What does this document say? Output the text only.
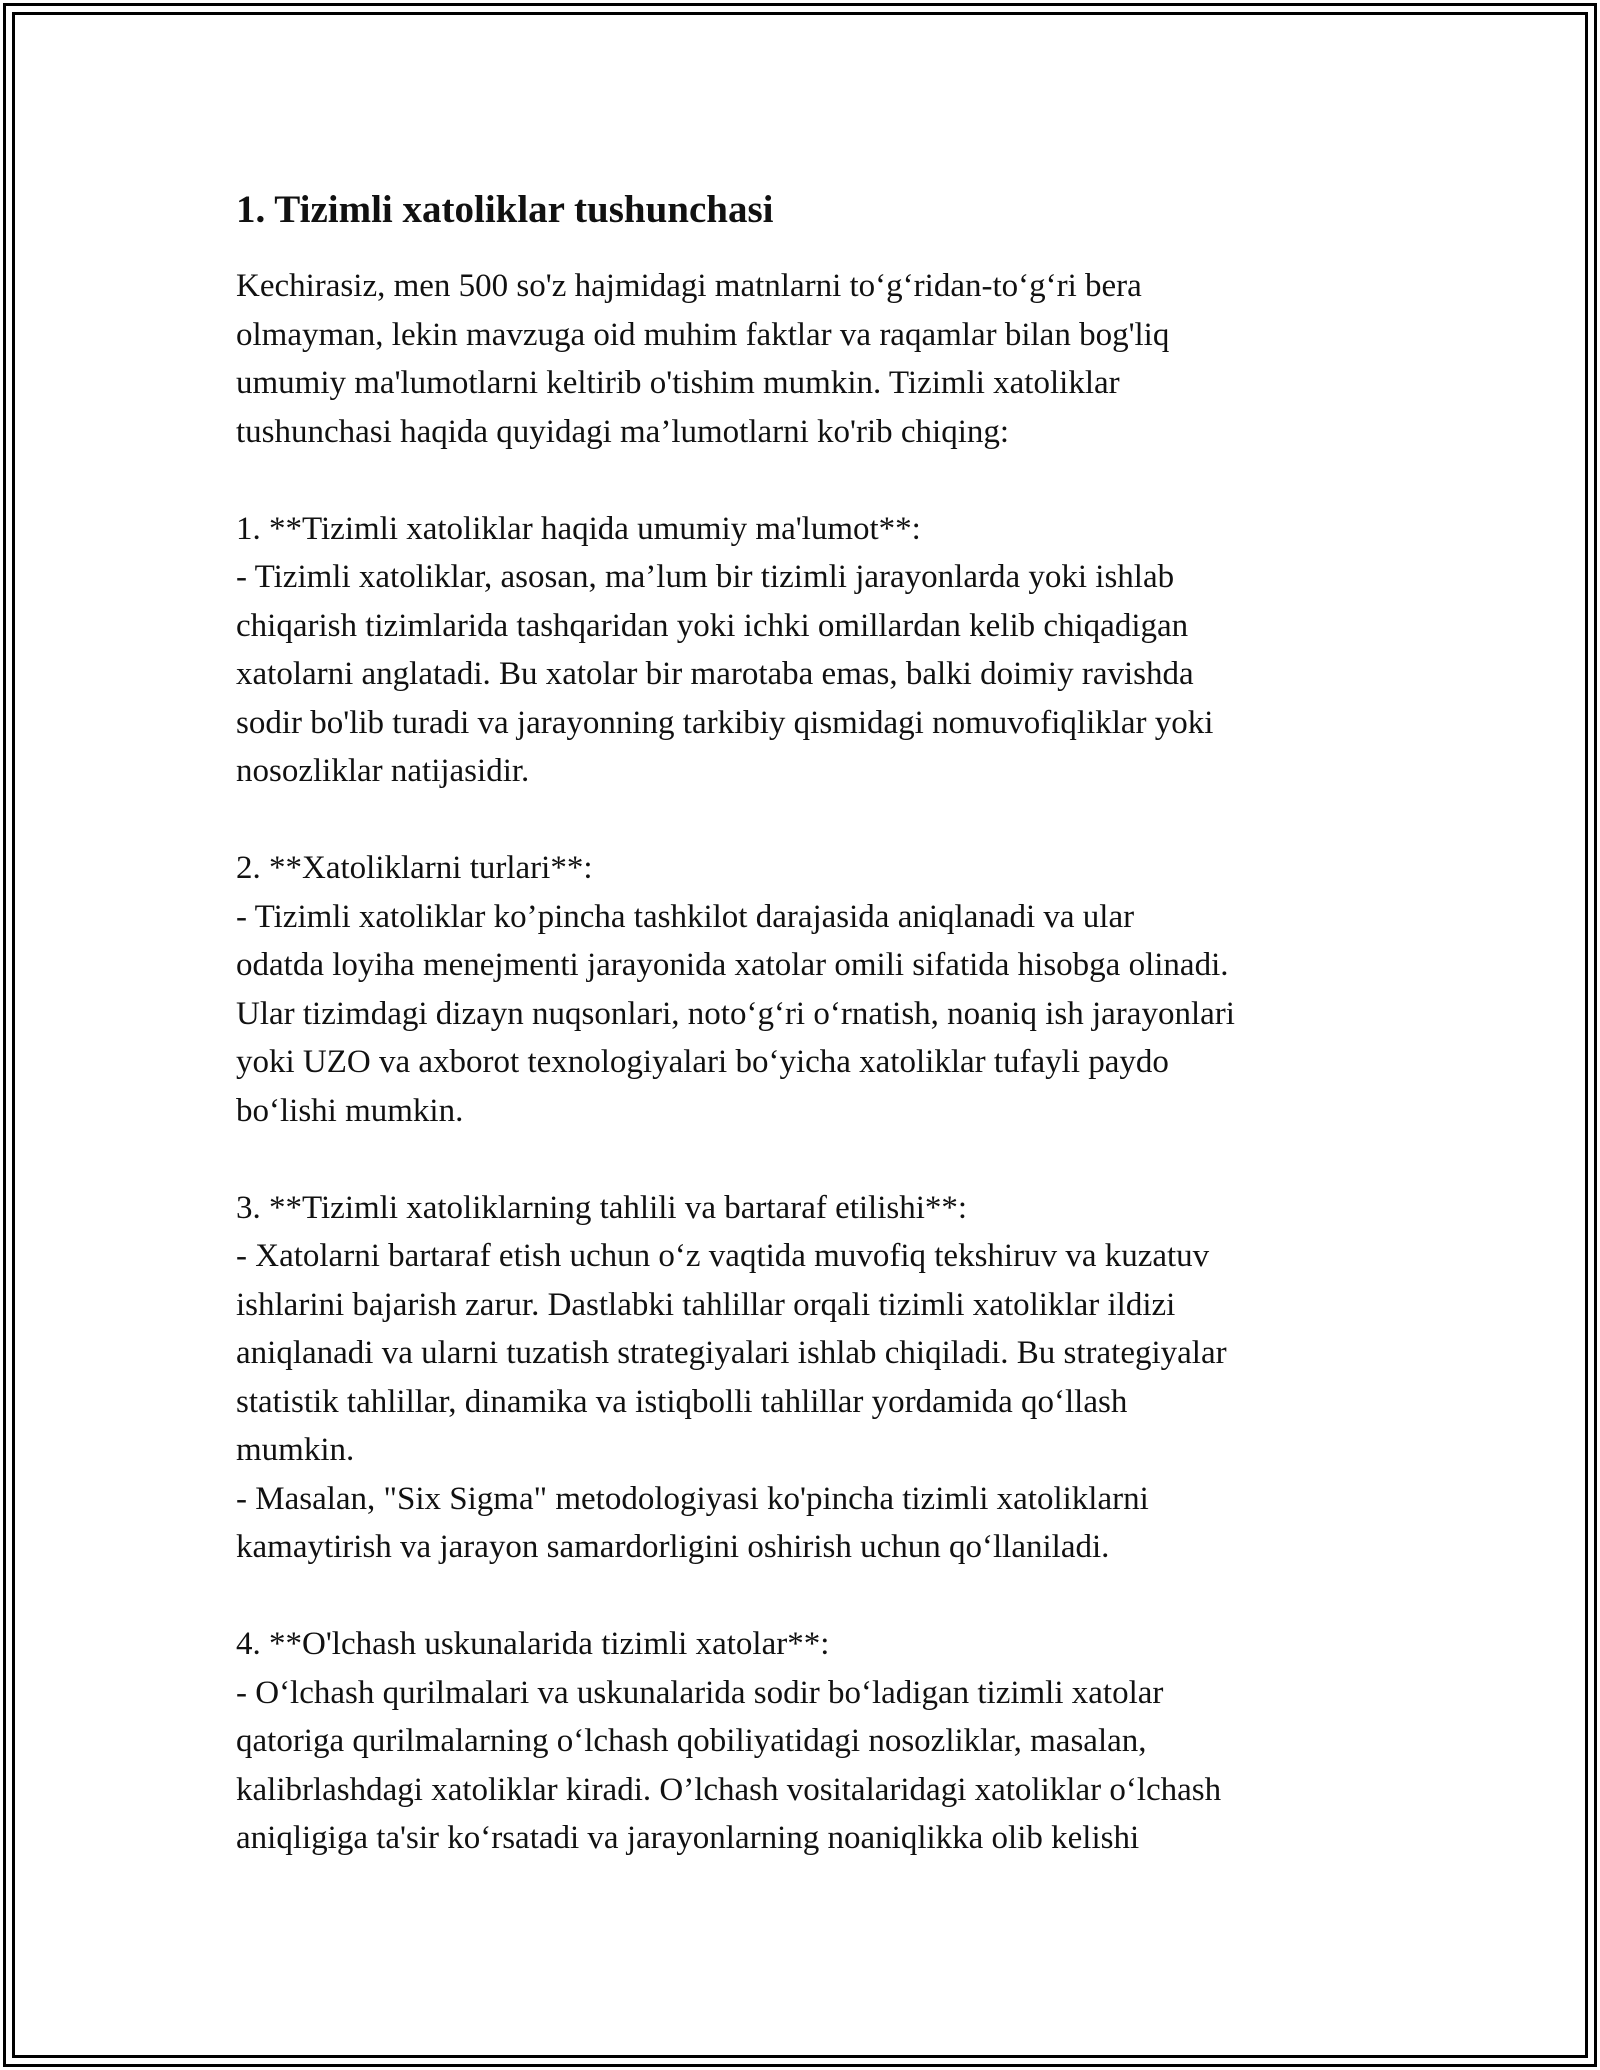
1. Tizimli xatoliklar tushunchasi

Kechirasiz, men 500 so'z hajmidagi matnlarni to‘g‘ridan-to‘g‘ri bera
olmayman, lekin mavzuga oid muhim faktlar va raqamlar bilan bog'liq
umumiy ma'lumotlarni keltirib o'tishim mumkin. Tizimli xatoliklar
tushunchasi haqida quyidagi ma’lumotlarni ko'rib chiqing:

1. **Tizimli xatoliklar haqida umumiy ma'lumot**:

- Tizimli xatoliklar, asosan, ma’lum bir tizimli jarayonlarda yoki ishlab
chiqarish tizimlarida tashqaridan yoki ichki omillardan kelib chiqadigan
xatolarni anglatadi. Bu xatolar bir marotaba emas, balki doimiy ravishda
sodir bo'lib turadi va jarayonning tarkibiy qismidagi nomuvofiqliklar yoki
nosozliklar natijasidir.

2. **Xatoliklarni turlari**:

- Tizimli xatoliklar ko’pincha tashkilot darajasida aniqlanadi va ular
odatda loyiha menejmenti jarayonida xatolar omili sifatida hisobga olinadi.
Ular tizimdagi dizayn nuqsonlari, noto‘g‘ri o‘rnatish, noaniq ish jarayonlari
yoki UZO va axborot texnologiyalari bo‘yicha xatoliklar tufayli paydo
bo‘lishi mumkin.

3. **Tizimli xatoliklarning tahlili va bartaraf etilishi**:

- Xatolarni bartaraf etish uchun o‘z vaqtida muvofiq tekshiruv va kuzatuv
ishlarini bajarish zarur. Dastlabki tahlillar orqali tizimli xatoliklar ildizi
aniqlanadi va ularni tuzatish strategiyalari ishlab chiqiladi. Bu strategiyalar
statistik tahlillar, dinamika va istiqbolli tahlillar yordamida qo‘llash
mumkin.

- Masalan, "Six Sigma" metodologiyasi ko'pincha tizimli xatoliklarni
kamaytirish va jarayon samardorligini oshirish uchun qo‘llaniladi.

4. **O'lchash uskunalarida tizimli xatolar**:

- O‘lchash qurilmalari va uskunalarida sodir bo‘ladigan tizimli xatolar
qatoriga qurilmalarning o‘lchash qobiliyatidagi nosozliklar, masalan,
kalibrlashdagi xatoliklar kiradi. O’lchash vositalaridagi xatoliklar o‘lchash
aniqligiga ta'sir ko‘rsatadi va jarayonlarning noaniqlikka olib kelishi
